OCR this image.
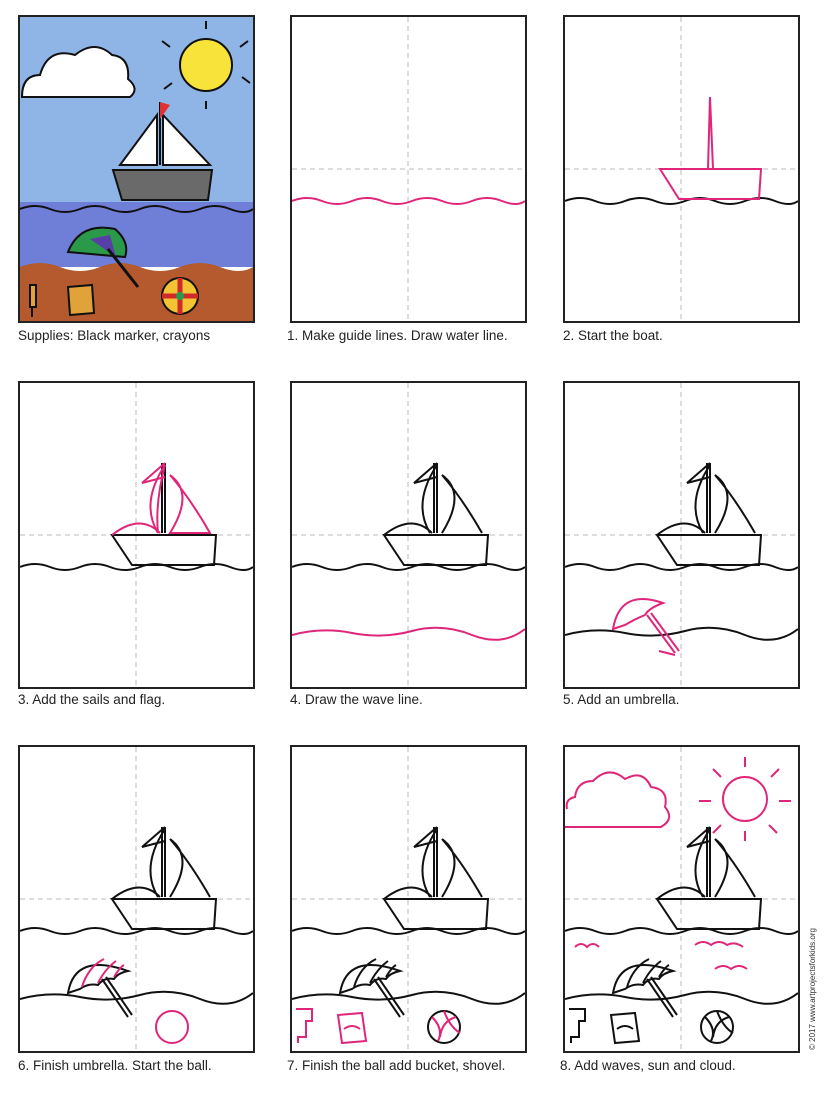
Supplies: Black marker, crayons	1. Make guide lines. Draw water line.	2. Start the boat.
3. Add the sails and flag.	4. Draw the wave line.	5. Add an umbrella.
6. Finish umbrella. Start the ball.	7. Finish the ball add bucket, shovel.	8. Add waves, sun and cloud.
© 2017 www.artprojectsforkids.org
